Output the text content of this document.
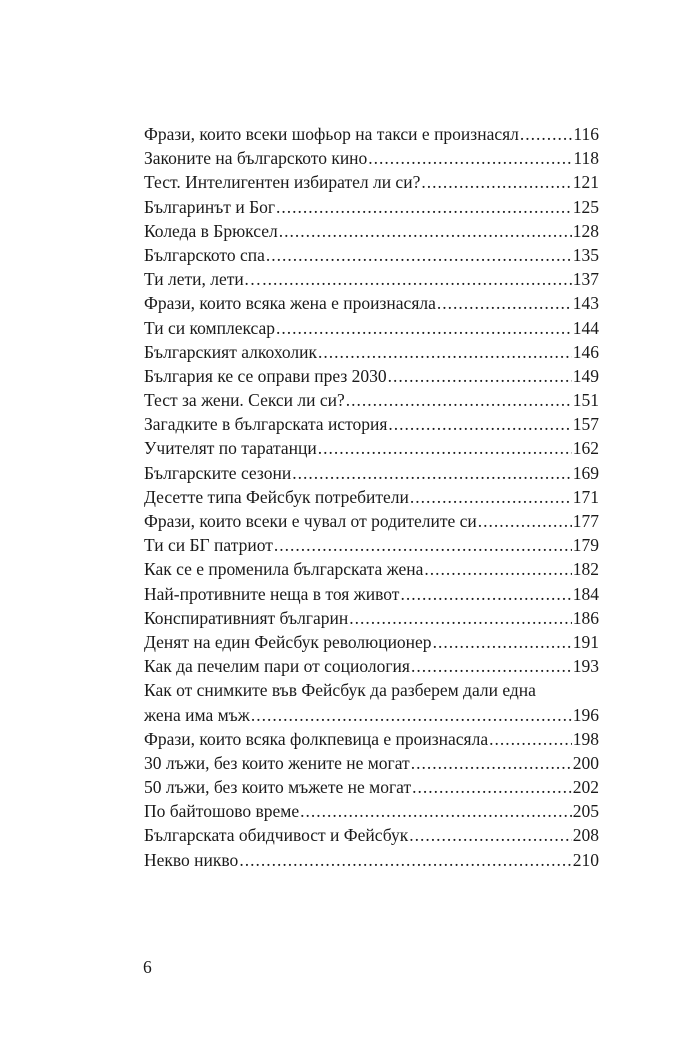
Фрази, които всеки шофьор на такси е произнасял .....	116
Законите на българското кино .....	118
Тест. Интелигентен избирател ли си? .....	121
Българинът и Бог .....	125
Коледа в Брюксел .....	128
Българското спа .....	135
Ти лети, лети… .....	137
Фрази, които всяка жена е произнасяла .....	143
Ти си комплексар .....	144
Българският алкохолик .....	146
България ке се оправи през 2030 .....	149
Тест за жени. Секси ли си? .....	151
Загадките в българската история .....	157
Учителят по таратанци .....	162
Българските сезони .....	169
Десетте типа Фейсбук потребители .....	171
Фрази, които всеки е чувал от родителите си .....	177
Ти си БГ патриот .....	179
Как се е променила българската жена .....	182
Най-противните неща в тоя живот .....	184
Конспиративният българин .....	186
Денят на един Фейсбук революционер .....	191
Как да печелим пари от социология .....	193
Как от снимките във Фейсбук да разберем дали една
жена има мъж .....	196
Фрази, които всяка фолкпевица е произнасяла .....	198
30 лъжи, без които жените не могат .....	200
50 лъжи, без които мъжете не могат .....	202
По байтошово време .....	205
Българската обидчивост и Фейсбук .....	208
Некво никво .....	210
6
